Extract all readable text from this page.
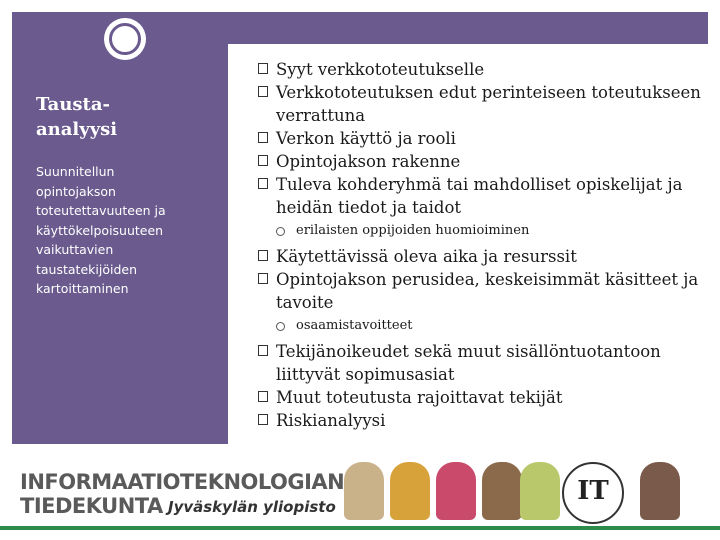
Tausta-
analyysi
Suunnitellun
opintojakson
toteutettavuuteen ja
käyttökelpoisuuteen
vaikuttavien
taustatekijöiden
kartoittaminen
Syyt verkkototeutukselle
Verkkototeutuksen edut perinteiseen toteutukseen verrattuna
Verkon käyttö ja rooli
Opintojakson rakenne
Tuleva kohderyhmä tai mahdolliset opiskelijat ja heidän tiedot ja taidot
erilaisten oppijoiden huomioiminen
Käytettävissä oleva aika ja resurssit
Opintojakson perusidea, keskeisimmät käsitteet ja tavoite
osaamistavoitteet
Tekijänoikeudet sekä muut sisällöntuotantoon liittyvät sopimusasiat
Muut toteutusta rajoittavat tekijät
Riskianalyysi
INFORMAATIOTEKNOLOGIAN
TIEDEKUNTA Jyväskylän yliopisto
IT
